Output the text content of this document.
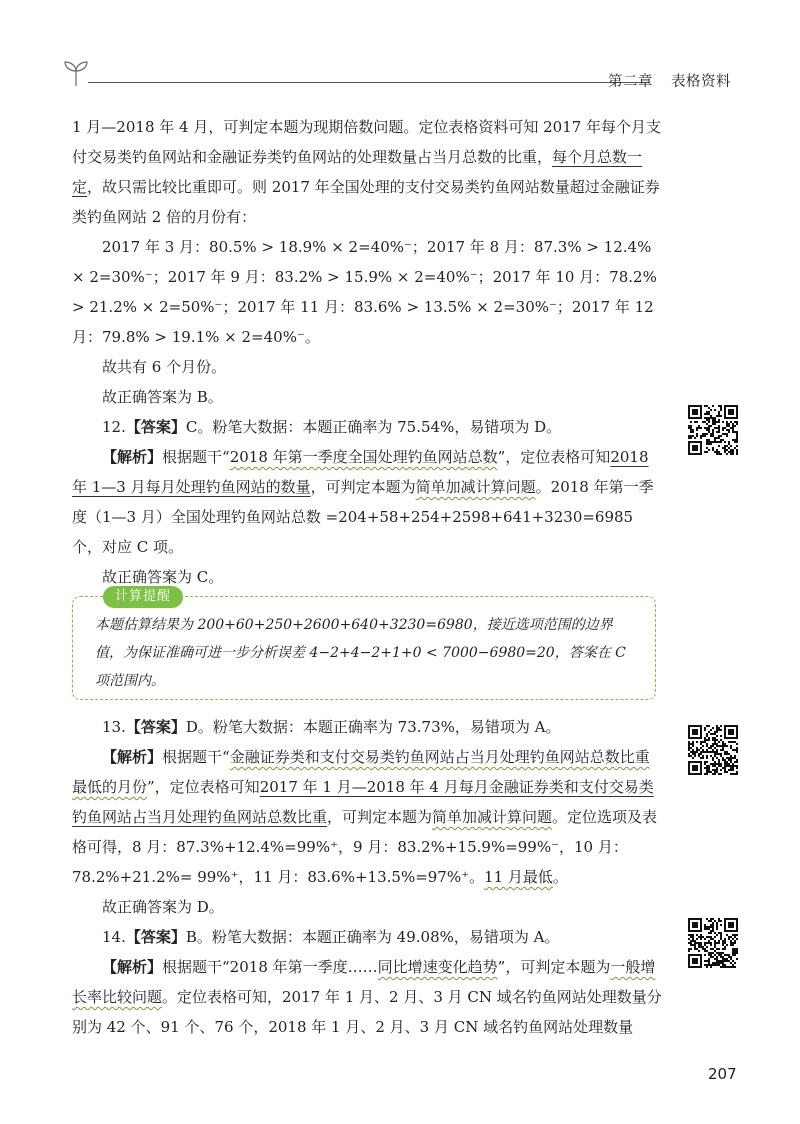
第二章 表格资料

1 月—2018 年 4 月，可判定本题为现期倍数问题。定位表格资料可知 2017 年每个月支付交易类钓鱼网站和金融证券类钓鱼网站的处理数量占当月总数的比重，每个月总数一定，故只需比较比重即可。则 2017 年全国处理的支付交易类钓鱼网站数量超过金融证券类钓鱼网站 2 倍的月份有：

2017 年 3 月：80.5% > 18.9% × 2=40%⁻；2017 年 8 月：87.3% > 12.4% × 2=30%⁻；2017 年 9 月：83.2% > 15.9% × 2=40%⁻；2017 年 10 月：78.2% > 21.2% × 2=50%⁻；2017 年 11 月：83.6% > 13.5% × 2=30%⁻；2017 年 12 月：79.8% > 19.1% × 2=40%⁻。

故共有 6 个月份。

故正确答案为 B。

12.【答案】C。粉笔大数据：本题正确率为 75.54%，易错项为 D。

【解析】根据题干“2018 年第一季度全国处理钓鱼网站总数”，定位表格可知2018 年 1—3 月每月处理钓鱼网站的数量，可判定本题为简单加减计算问题。2018 年第一季度（1—3 月）全国处理钓鱼网站总数 =204+58+254+2598+641+3230=6985 个，对应 C 项。

故正确答案为 C。

计算提醒
本题估算结果为 200+60+250+2600+640+3230=6980，接近选项范围的边界值，为保证准确可进一步分析误差 4−2+4−2+1+0 < 7000−6980=20，答案在 C 项范围内。

13.【答案】D。粉笔大数据：本题正确率为 73.73%，易错项为 A。

【解析】根据题干“金融证券类和支付交易类钓鱼网站占当月处理钓鱼网站总数比重最低的月份”，定位表格可知2017 年 1 月—2018 年 4 月每月金融证券类和支付交易类钓鱼网站占当月处理钓鱼网站总数比重，可判定本题为简单加减计算问题。定位选项及表格可得，8 月：87.3%+12.4%=99%⁺，9 月：83.2%+15.9%=99%⁻，10 月：78.2%+21.2%= 99%⁺，11 月：83.6%+13.5%=97%⁺。11 月最低。

故正确答案为 D。

14.【答案】B。粉笔大数据：本题正确率为 49.08%，易错项为 A。

【解析】根据题干“2018 年第一季度……同比增速变化趋势”，可判定本题为一般增长率比较问题。定位表格可知，2017 年 1 月、2 月、3 月 CN 域名钓鱼网站处理数量分别为 42 个、91 个、76 个，2018 年 1 月、2 月、3 月 CN 域名钓鱼网站处理数量

207
